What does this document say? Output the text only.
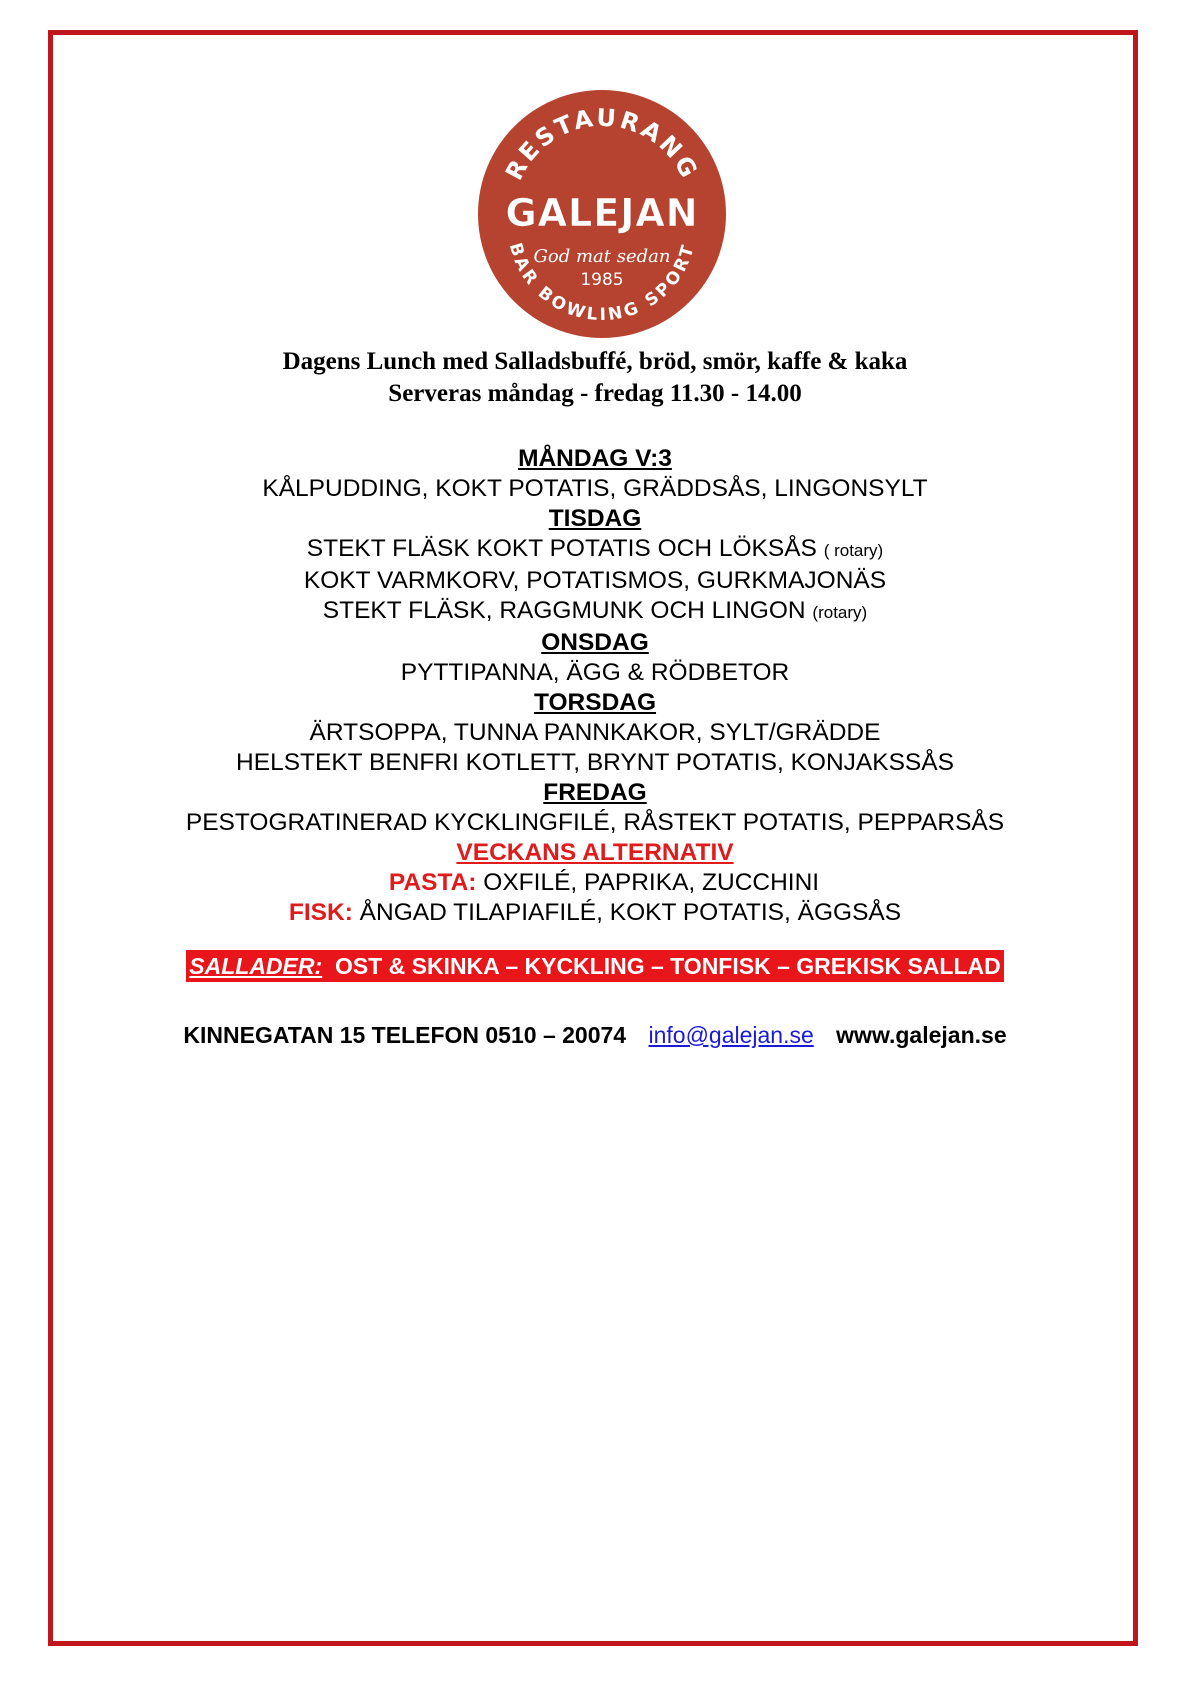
RESTAURANG
GALEJAN
God mat sedan
1985
BAR BOWLING SPORT
Dagens Lunch med Salladsbuffé, bröd, smör, kaffe & kaka
Serveras måndag - fredag 11.30 - 14.00
MÅNDAG V:3
KÅLPUDDING, KOKT POTATIS, GRÄDDSÅS, LINGONSYLT
TISDAG
STEKT FLÄSK KOKT POTATIS OCH LÖKSÅS ( rotary)
KOKT VARMKORV, POTATISMOS, GURKMAJONÄS
STEKT FLÄSK, RAGGMUNK OCH LINGON (rotary)
ONSDAG
PYTTIPANNA, ÄGG & RÖDBETOR
TORSDAG
ÄRTSOPPA, TUNNA PANNKAKOR, SYLT/GRÄDDE
HELSTEKT BENFRI KOTLETT, BRYNT POTATIS, KONJAKSSÅS
FREDAG
PESTOGRATINERAD KYCKLINGFILÉ, RÅSTEKT POTATIS, PEPPARSÅS
VECKANS ALTERNATIV
PASTA: OXFILÉ, PAPRIKA, ZUCCHINI
FISK: ÅNGAD TILAPIAFILÉ, KOKT POTATIS, ÄGGSÅS
SALLADER: OST & SKINKA – KYCKLING – TONFISK – GREKISK SALLAD
KINNEGATAN 15 TELEFON 0510 – 20074 info@galejan.se www.galejan.se
